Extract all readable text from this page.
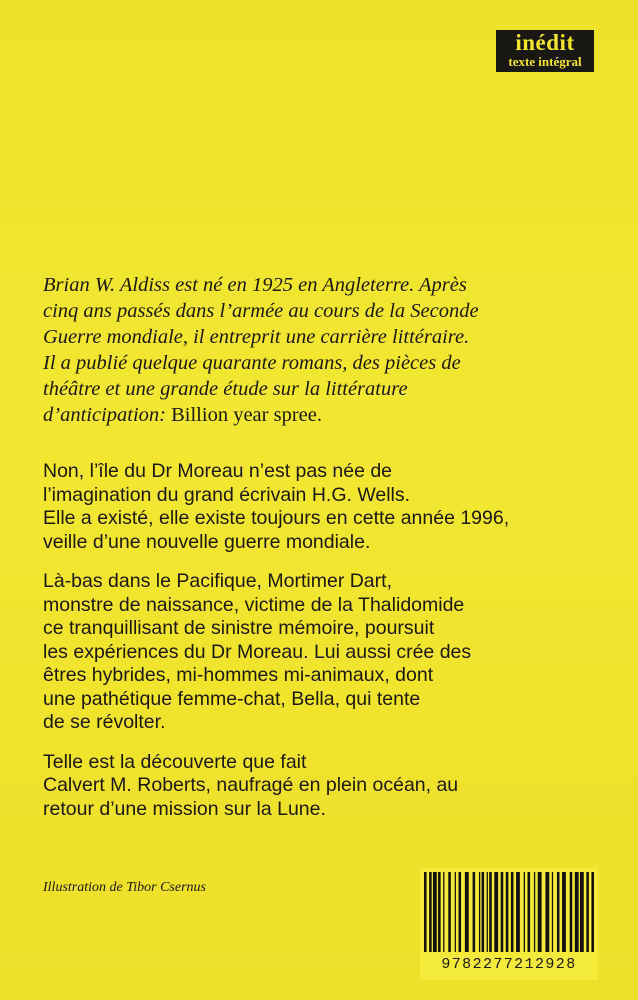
inédit
texte intégral

Brian W. Aldiss est né en 1925 en Angleterre. Après
cinq ans passés dans l’armée au cours de la Seconde
Guerre mondiale, il entreprit une carrière littéraire.
Il a publié quelque quarante romans, des pièces de
théâtre et une grande étude sur la littérature
d’anticipation: Billion year spree.

Non, l’île du Dr Moreau n’est pas née de
l’imagination du grand écrivain H.G. Wells.
Elle a existé, elle existe toujours en cette année 1996,
veille d’une nouvelle guerre mondiale.

Là-bas dans le Pacifique, Mortimer Dart,
monstre de naissance, victime de la Thalidomide
ce tranquillisant de sinistre mémoire, poursuit
les expériences du Dr Moreau. Lui aussi crée des
êtres hybrides, mi-hommes mi-animaux, dont
une pathétique femme-chat, Bella, qui tente
de se révolter.

Telle est la découverte que fait
Calvert M. Roberts, naufragé en plein océan, au
retour d’une mission sur la Lune.

Illustration de Tibor Csernus
9782277212928
